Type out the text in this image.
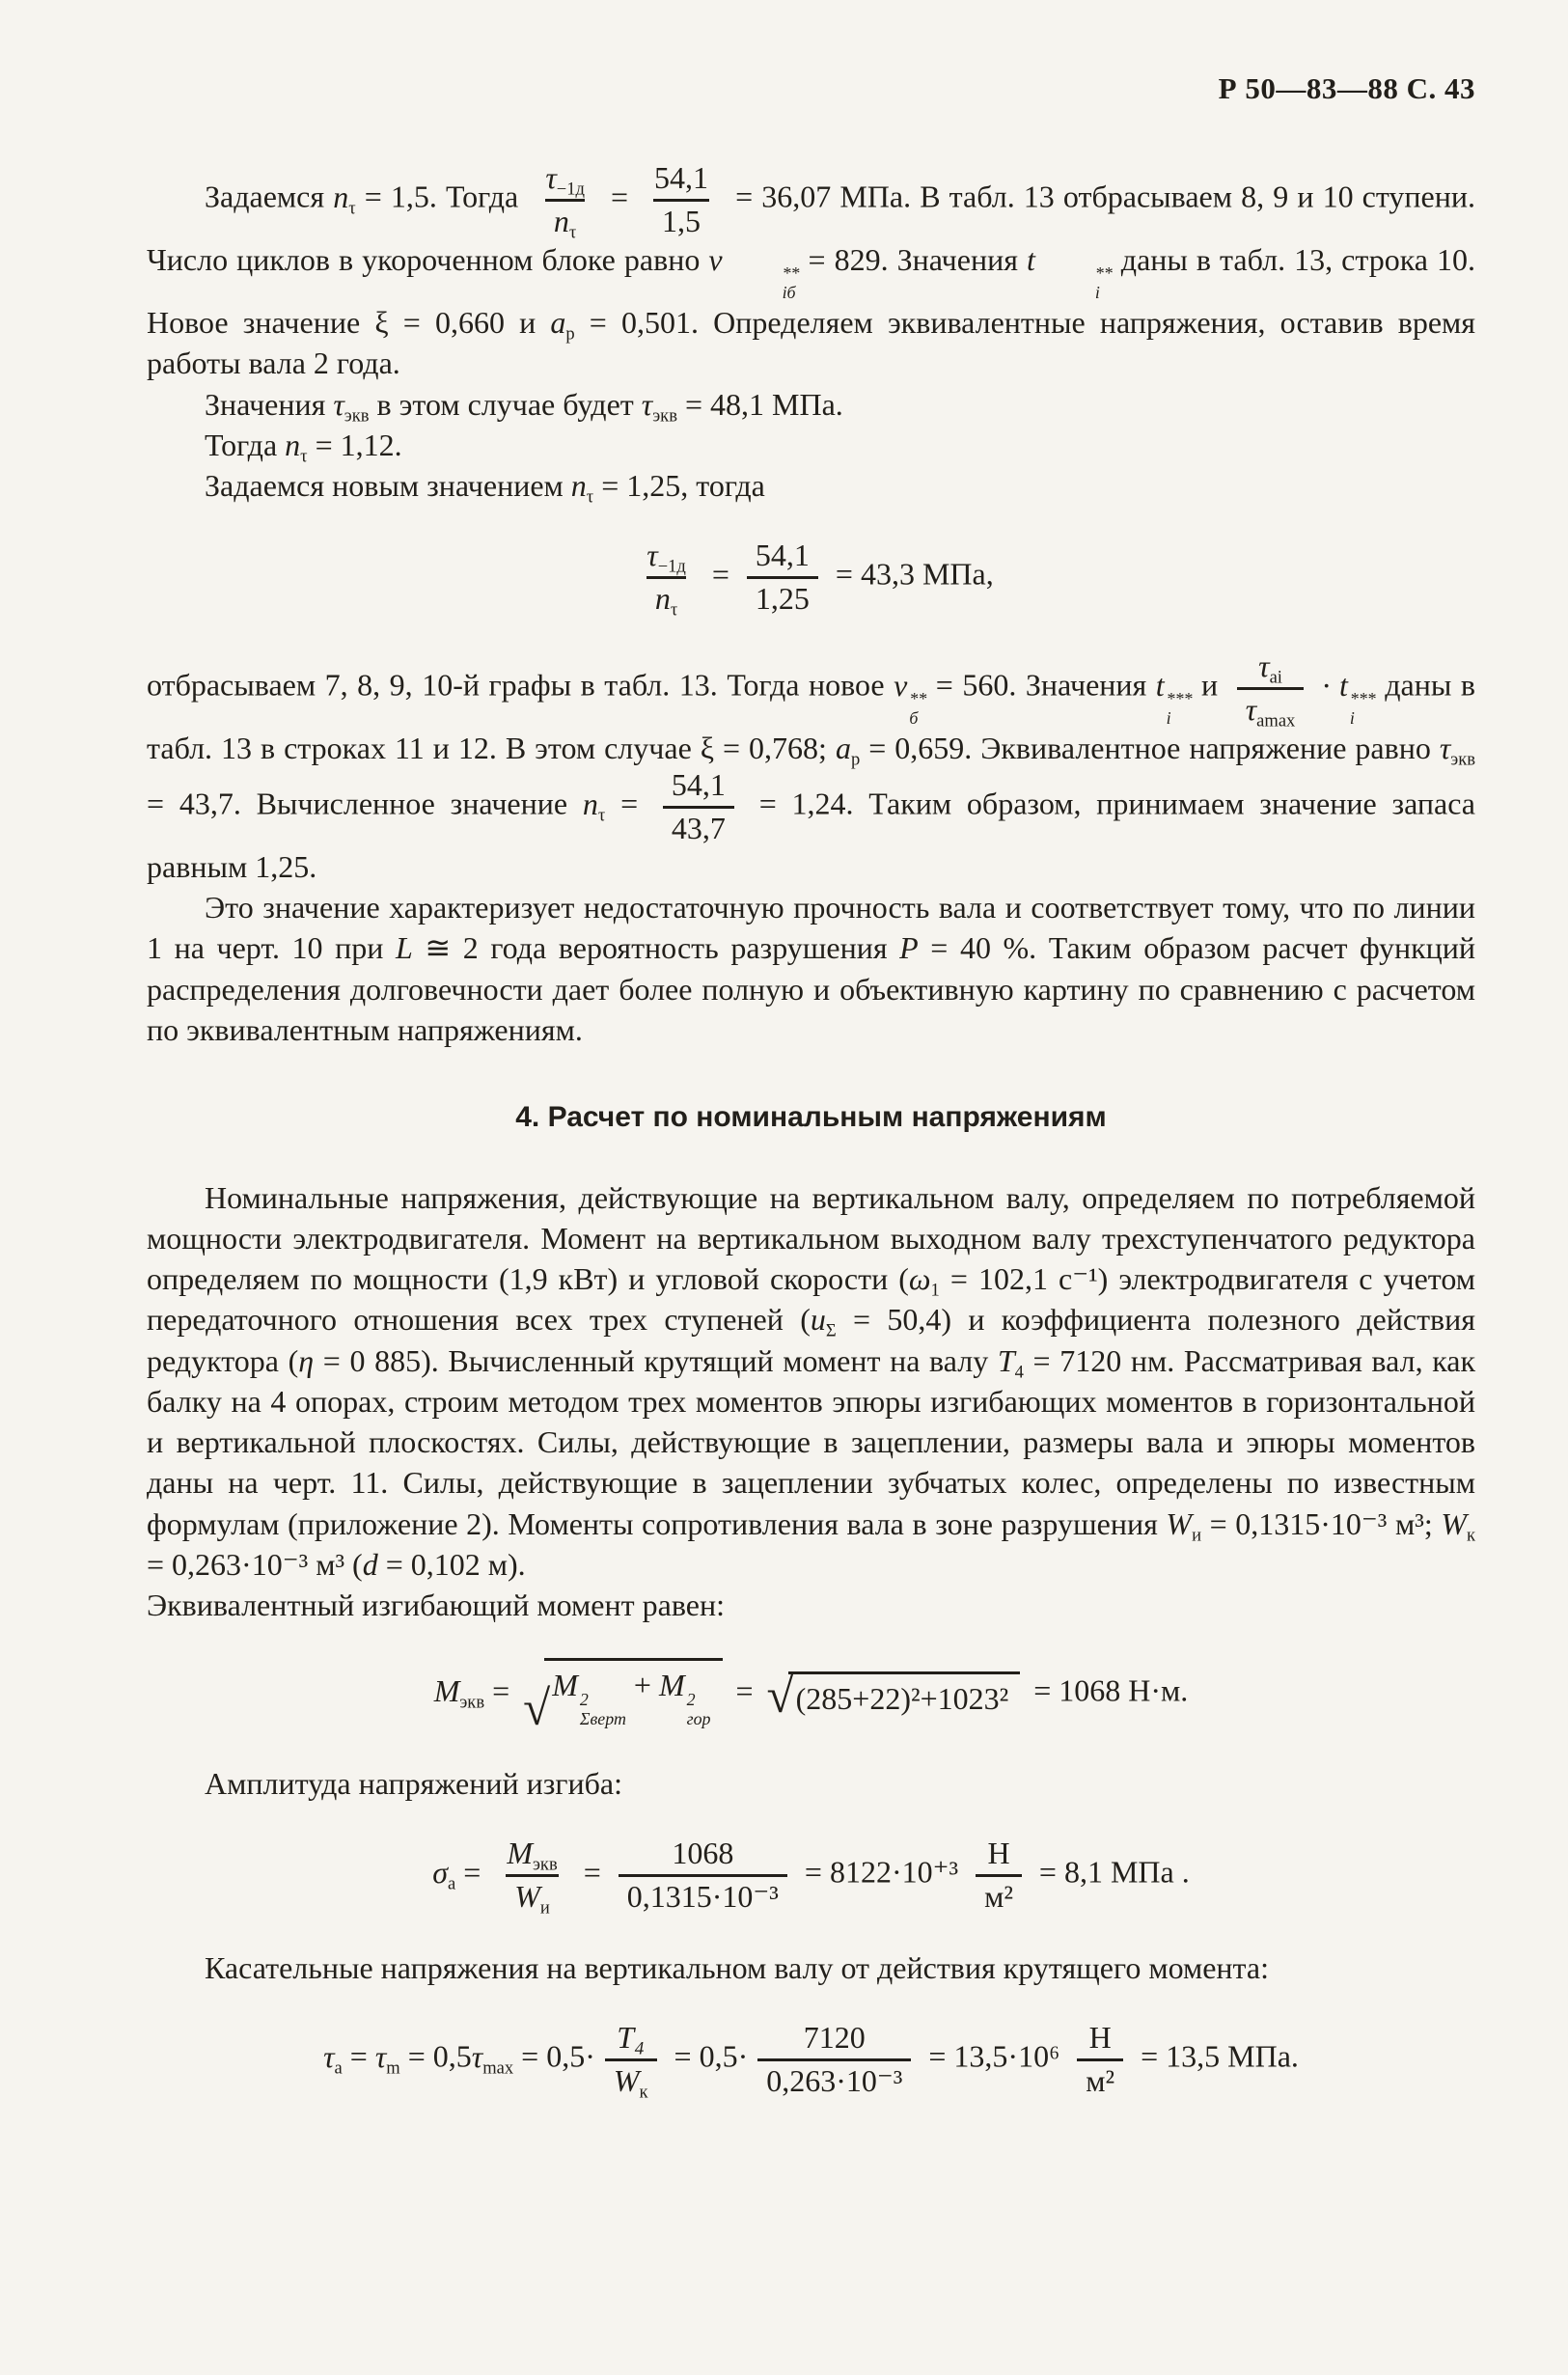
Р 50—83—88 С. 43

Задаемся $n_\tau = 1,5$. Тогда $\frac{\tau_{-1д}}{n_\tau} = \frac{54,1}{1,5} = 36,07$ МПа. В табл. 13 отбрасываем 8, 9 и 10 ступени. Число циклов в укороченном блоке равно ν	**
iб
= 829. Значения t	**
i
даны в табл. 13, строка 10. Новое значение ξ = 0,660 и $a_р = 0,501$. Определяем эквивалентные напряжения, оставив время работы вала 2 года.

Значения $\tau_{экв}$ в этом случае будет $\tau_{экв} = 48,1$ МПа.

Тогда $n_\tau = 1,12$.

Задаемся новым значением $n_\tau = 1,25$, тогда

$\frac{\tau_{-1д}}{n_\tau} = \frac{54,1}{1,25} = 43,3$ МПа,

отбрасываем 7, 8, 9, 10-й графы в табл. 13. Тогда новое ν **
б
= 560. Значения t ***
i
и $\frac{\tau_{ai}}{\tau_{amax}} \cdot t$ ***
i
даны в табл. 13 в строках 11 и 12. В этом случае ξ = 0,768; $a_р = 0,659$. Эквивалентное напряжение равно $\tau_{экв} = 43,7$. Вычисленное значение $n_\tau = \frac{54,1}{43,7} = 1,24$. Таким образом, принимаем значение запаса равным 1,25.

Это значение характеризует недостаточную прочность вала и соответствует тому, что по линии 1 на черт. 10 при L ≅ 2 года вероятность разрушения Р = 40 %. Таким образом расчет функций распределения долговечности дает более полную и объективную картину по сравнению с расчетом по эквивалентным напряжениям.

4. Расчет по номинальным напряжениям

Номинальные напряжения, действующие на вертикальном валу, определяем по потребляемой мощности электродвигателя. Момент на вертикальном выходном валу трехступенчатого редуктора определяем по мощности (1,9 кВт) и угловой скорости ($\omega_1 = 102,1$ с⁻¹) электродвигателя с учетом передаточного отношения всех трех ступеней $(u_\Sigma = 50,4)$ и коэффициента полезного действия редуктора (η = 0 885). Вычисленный крутящий момент на валу $Т_4 = 7120$ нм. Рассматривая вал, как балку на 4 опорах, строим методом трех моментов эпюры изгибающих моментов в горизонтальной и вертикальной плоскостях. Силы, действующие в зацеплении, размеры вала и эпюры моментов даны на черт. 11. Силы, действующие в зацеплении зубчатых колес, определены по известным формулам (приложение 2). Моменты сопротивления вала в зоне разрушения $W_и = 0,1315\cdot 10^{-3}$ м³; $W_к = 0,263\cdot 10^{-3}$ м³ (d = 0,102 м).

Эквивалентный изгибающий момент равен:

$M_{экв}$ = √ M 2
Σверт
+ M 2
гор
= √ (285+22)²+1023² = 1068 Н·м.

Амплитуда напряжений изгиба:

$\sigma_a = \frac{M_{экв}}{W_и} = \frac{1068}{\text{0,1315·10⁻³}} = 8122\cdot 10^{+3} \frac{Н}{\text{м²}} = 8,1$ МПа .

Касательные напряжения на вертикальном валу от действия крутящего момента:

$\tau_a = \tau_m = 0,5\tau_{max} = 0,5\cdot \frac{\text{Т₄}}{W_к} = 0,5\cdot \frac{7120}{\text{0,263·10⁻³}} = 13,5\cdot 10^6 \frac{Н}{\text{м²}} = 13,5$ МПа.
